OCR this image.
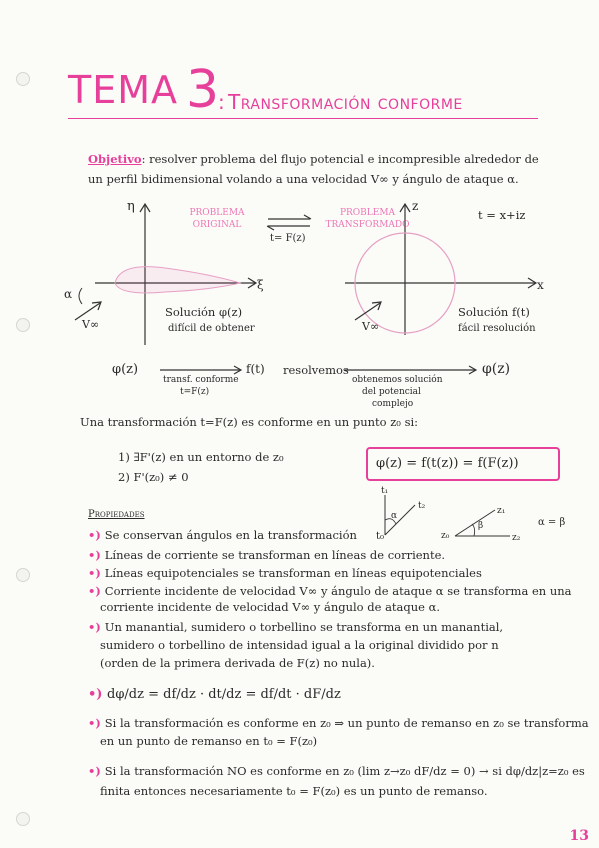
TEMA 3
: Transformación conforme
Objetivo: resolver problema del flujo potencial e incompresible alrededor de
un perfil bidimensional volando a una velocidad V∞ y ángulo de ataque α.
η
ξ
α
V∞
PROBLEMA ORIGINAL
PROBLEMA TRANSFORMADO
t= F(z)
z
x
t = x+iz
V∞
Solución φ(z)
difícil de obtener
Solución f(t)
fácil resolución
φ(z)
transf. conforme
t=F(z)
f(t) resolvemos
obtenemos solución
del potencial
complejo
φ(z)
Una transformación t=F(z) es conforme en un punto z₀ si:
1) ∃F'(z) en un entorno de z₀
2) F'(z₀) ≠ 0
φ(z) = f(t(z)) = f(F(z))
Propiedades
•) Se conservan ángulos en la transformación t₀
t₁
t₂
α
z₀
z₁
z₂
β	α = β
•) Líneas de corriente se transforman en líneas de corriente.
•) Líneas equipotenciales se transforman en líneas equipotenciales
•) Corriente incidente de velocidad V∞ y ángulo de ataque α se transforma en una
corriente incidente de velocidad V∞ y ángulo de ataque α.
•) Un manantial, sumidero o torbellino se transforma en un manantial,
sumidero o torbellino de intensidad igual a la original dividido por n
(orden de la primera derivada de F(z) no nula).
•) dφ/dz = df/dz · dt/dz = df/dt · dF/dz
•) Si la transformación es conforme en z₀ ⇒ un punto de remanso en z₀ se transforma
en un punto de remanso en t₀ = F(z₀)
•) Si la transformación NO es conforme en z₀ (lim z→z₀ dF/dz = 0) → si dφ/dz|z=z₀ es
finita entonces necesariamente t₀ = F(z₀) es un punto de remanso.
13
